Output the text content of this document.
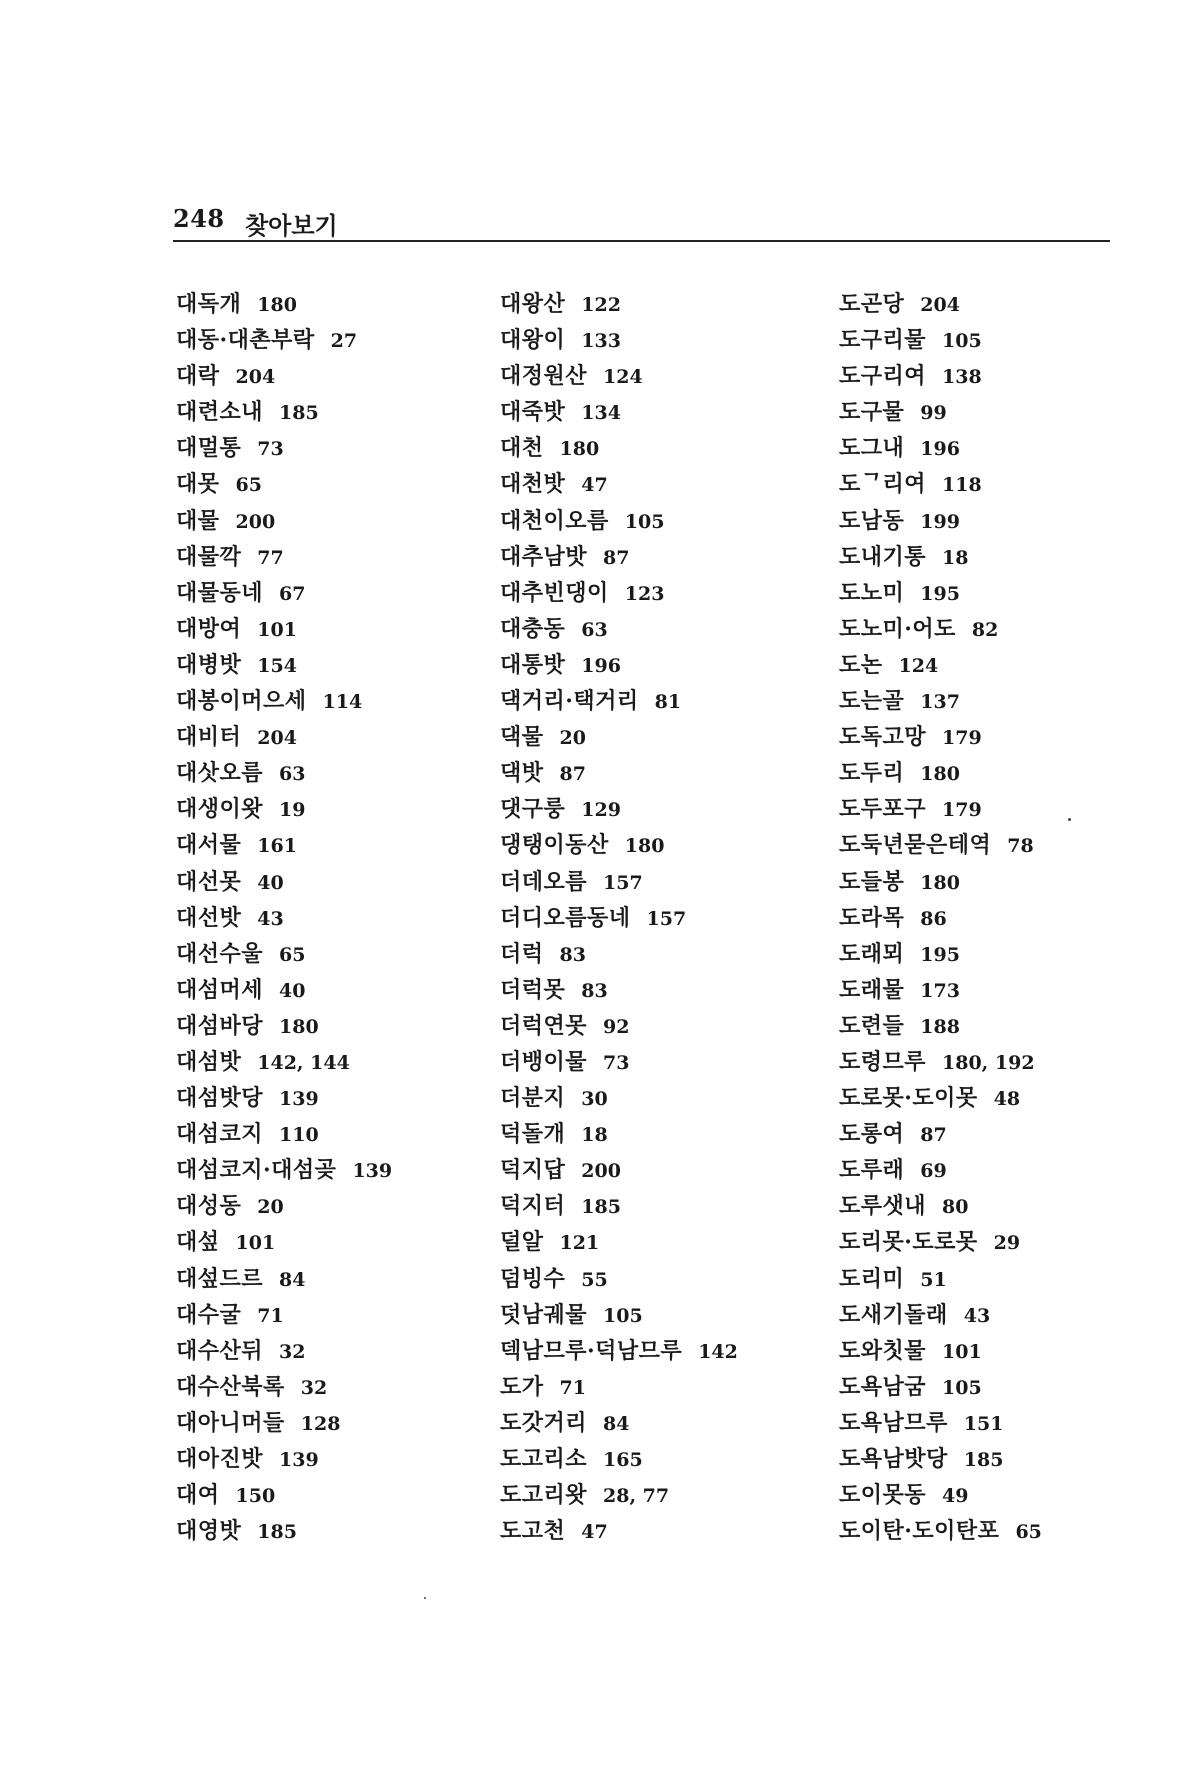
248 찾아보기
대독개 180
대동·대촌부락 27
대락 204
대련소내 185
대멀통 73
대못 65
대물 200
대물깍 77
대물동네 67
대방여 101
대병밧 154
대봉이머으세 114
대비터 204
대삿오름 63
대생이왓 19
대서물 161
대선못 40
대선밧 43
대선수울 65
대섬머세 40
대섬바당 180
대섬밧 142, 144
대섬밧당 139
대섬코지 110
대섬코지·대섬곶 139
대성동 20
대섶 101
대섶드르 84
대수굴 71
대수산뒤 32
대수산북록 32
대아니머들 128
대아진밧 139
대여 150
대영밧 185
대왕산 122
대왕이 133
대정원산 124
대죽밧 134
대천 180
대천밧 47
대천이오름 105
대추남밧 87
대추빈댕이 123
대충동 63
대통밧 196
댁거리·택거리 81
댁물 20
댁밧 87
댓구룽 129
댕탱이동산 180
더데오름 157
더디오름동네 157
더럭 83
더럭못 83
더럭연못 92
더뱅이물 73
더분지 30
덕돌개 18
덕지답 200
덕지터 185
덜알 121
덤빙수 55
덧남궤물 105
덱남므루·덕남므루 142
도가 71
도갓거리 84
도고리소 165
도고리왓 28, 77
도고천 47
도곤당 204
도구리물 105
도구리여 138
도구물 99
도그내 196
도ᄀ리여 118
도남동 199
도내기통 18
도노미 195
도노미·어도 82
도논 124
도는골 137
도독고망 179
도두리 180
도두포구 179
도둑년묻은테역 78
도들봉 180
도라목 86
도래뫼 195
도래물 173
도련들 188
도령므루 180, 192
도로못·도이못 48
도롱여 87
도루래 69
도루샛내 80
도리못·도로못 29
도리미 51
도새기돌래 43
도와칫물 101
도욕남굼 105
도욕남므루 151
도욕남밧당 185
도이못동 49
도이탄·도이탄포 65
